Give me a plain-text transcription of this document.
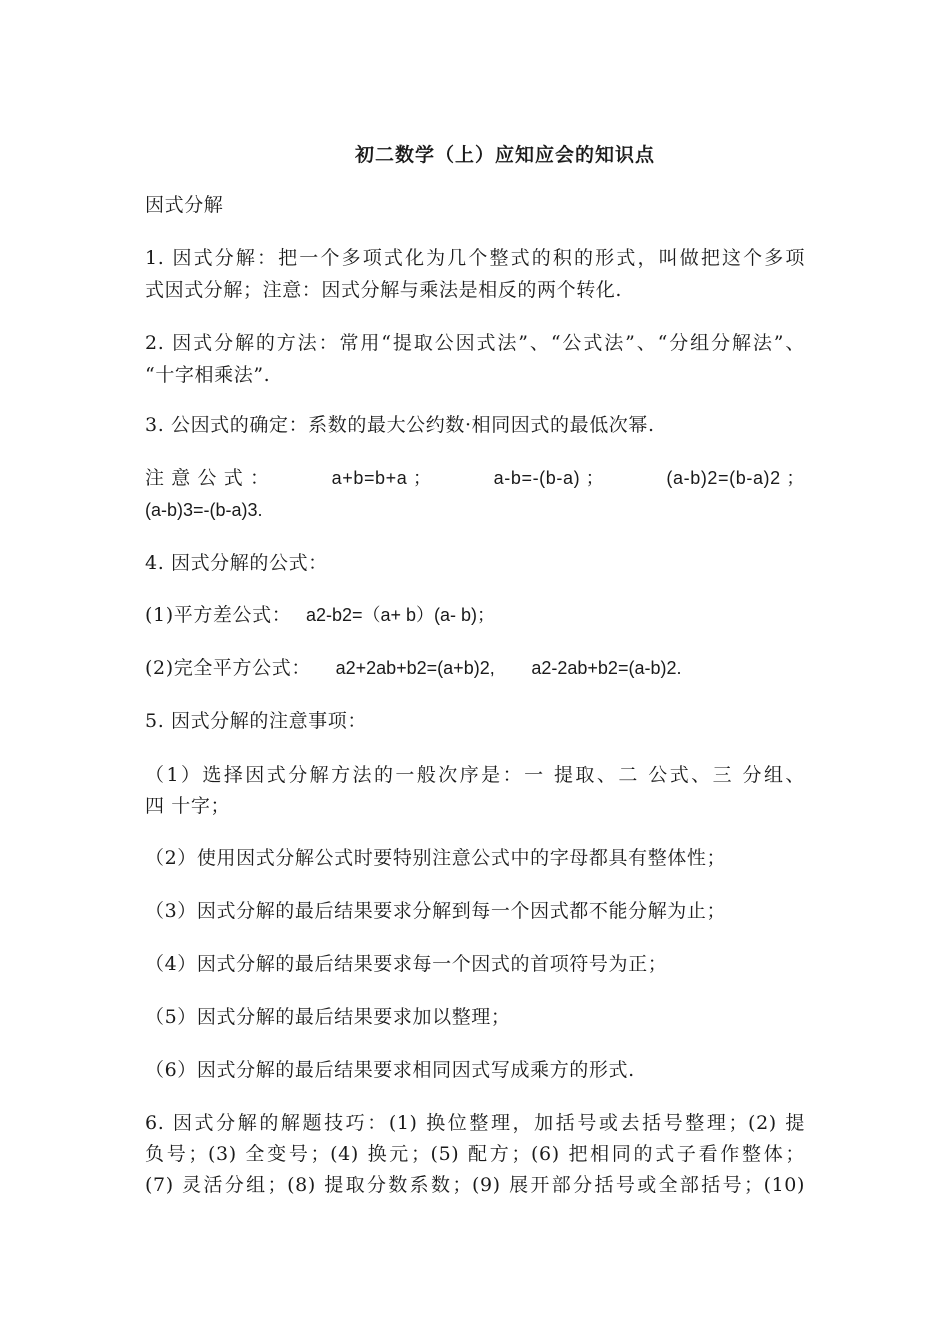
初二数学（上）应知应会的知识点
因式分解
1. 因式分解：把一个多项式化为几个整式的积的形式，叫做把这个多项
式因式分解；注意：因式分解与乘法是相反的两个转化.
2. 因式分解的方法：常用“提取公因式法”、“公式法”、“分组分解法”、
“十字相乘法”.
3. 公因式的确定：系数的最大公约数·相同因式的最低次幂.
注 意 公 式 ：	a+b=b+a ；	a-b=-(b-a) ；	(a-b)2=(b-a)2 ；
(a-b)3=-(b-a)3.
4. 因式分解的公式：
(1)平方差公式： a2-b2=（a+ b）(a- b)；
(2)完全平方公式： a2+2ab+b2=(a+b)2, a2-2ab+b2=(a-b)2.
5. 因式分解的注意事项：
（1）选择因式分解方法的一般次序是：一 提取、二 公式、三 分组、
四 十字；
（2）使用因式分解公式时要特别注意公式中的字母都具有整体性；
（3）因式分解的最后结果要求分解到每一个因式都不能分解为止；
（4）因式分解的最后结果要求每一个因式的首项符号为正；
（5）因式分解的最后结果要求加以整理；
（6）因式分解的最后结果要求相同因式写成乘方的形式.
6. 因式分解的解题技巧：(1) 换位整理，加括号或去括号整理；(2) 提
负号；(3) 全变号；(4) 换元；(5) 配方；(6) 把相同的式子看作整体；
(7) 灵活分组；(8) 提取分数系数；(9) 展开部分括号或全部括号；(10)
